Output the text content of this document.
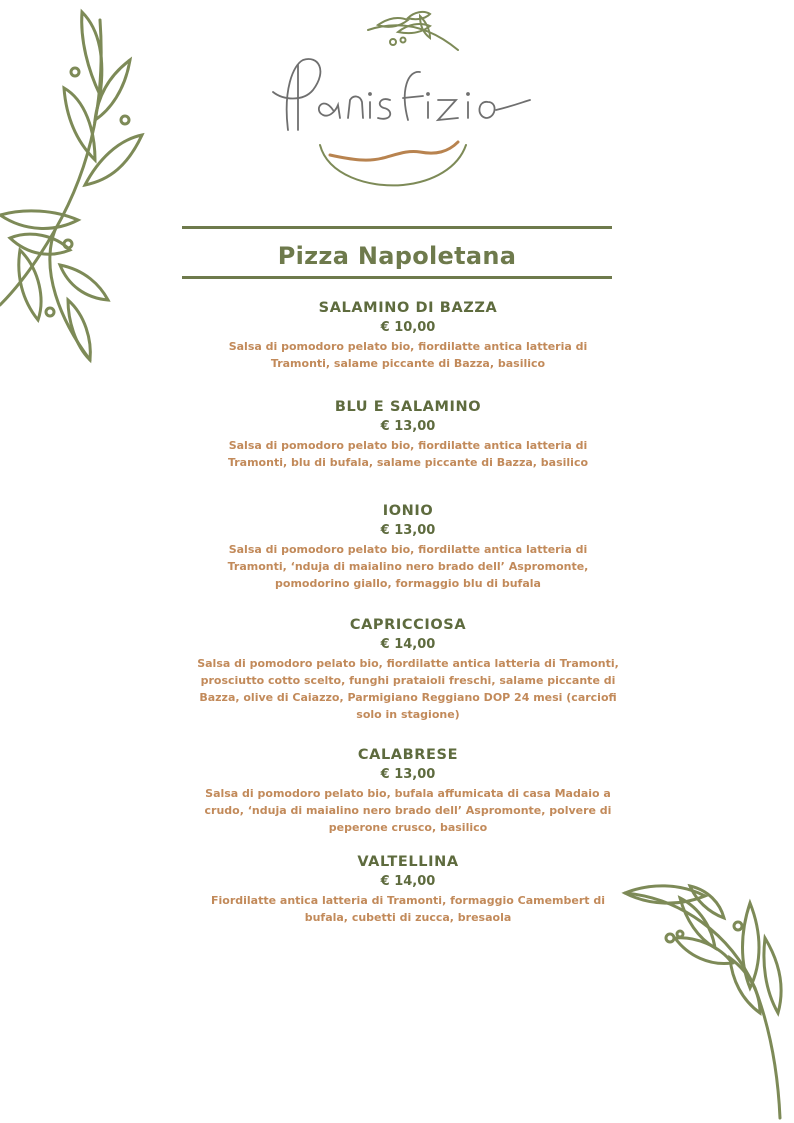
Pizza Napoletana
SALAMINO DI BAZZA
€ 10,00
Salsa di pomodoro pelato bio, fiordilatte antica latteria di Tramonti, salame piccante di Bazza, basilico
BLU E SALAMINO
€ 13,00
Salsa di pomodoro pelato bio, fiordilatte antica latteria di Tramonti, blu di bufala, salame piccante di Bazza, basilico
IONIO
€ 13,00
Salsa di pomodoro pelato bio, fiordilatte antica latteria di Tramonti, ‘nduja di maialino nero brado dell’ Aspromonte, pomodorino giallo, formaggio blu di bufala
CAPRICCIOSA
€ 14,00
Salsa di pomodoro pelato bio, fiordilatte antica latteria di Tramonti, prosciutto cotto scelto, funghi prataioli freschi, salame piccante di Bazza, olive di Caiazzo, Parmigiano Reggiano DOP 24 mesi (carciofi solo in stagione)
CALABRESE
€ 13,00
Salsa di pomodoro pelato bio, bufala affumicata di casa Madaio a crudo, ‘nduja di maialino nero brado dell’ Aspromonte, polvere di peperone crusco, basilico
VALTELLINA
€ 14,00
Fiordilatte antica latteria di Tramonti, formaggio Camembert di bufala, cubetti di zucca, bresaola
